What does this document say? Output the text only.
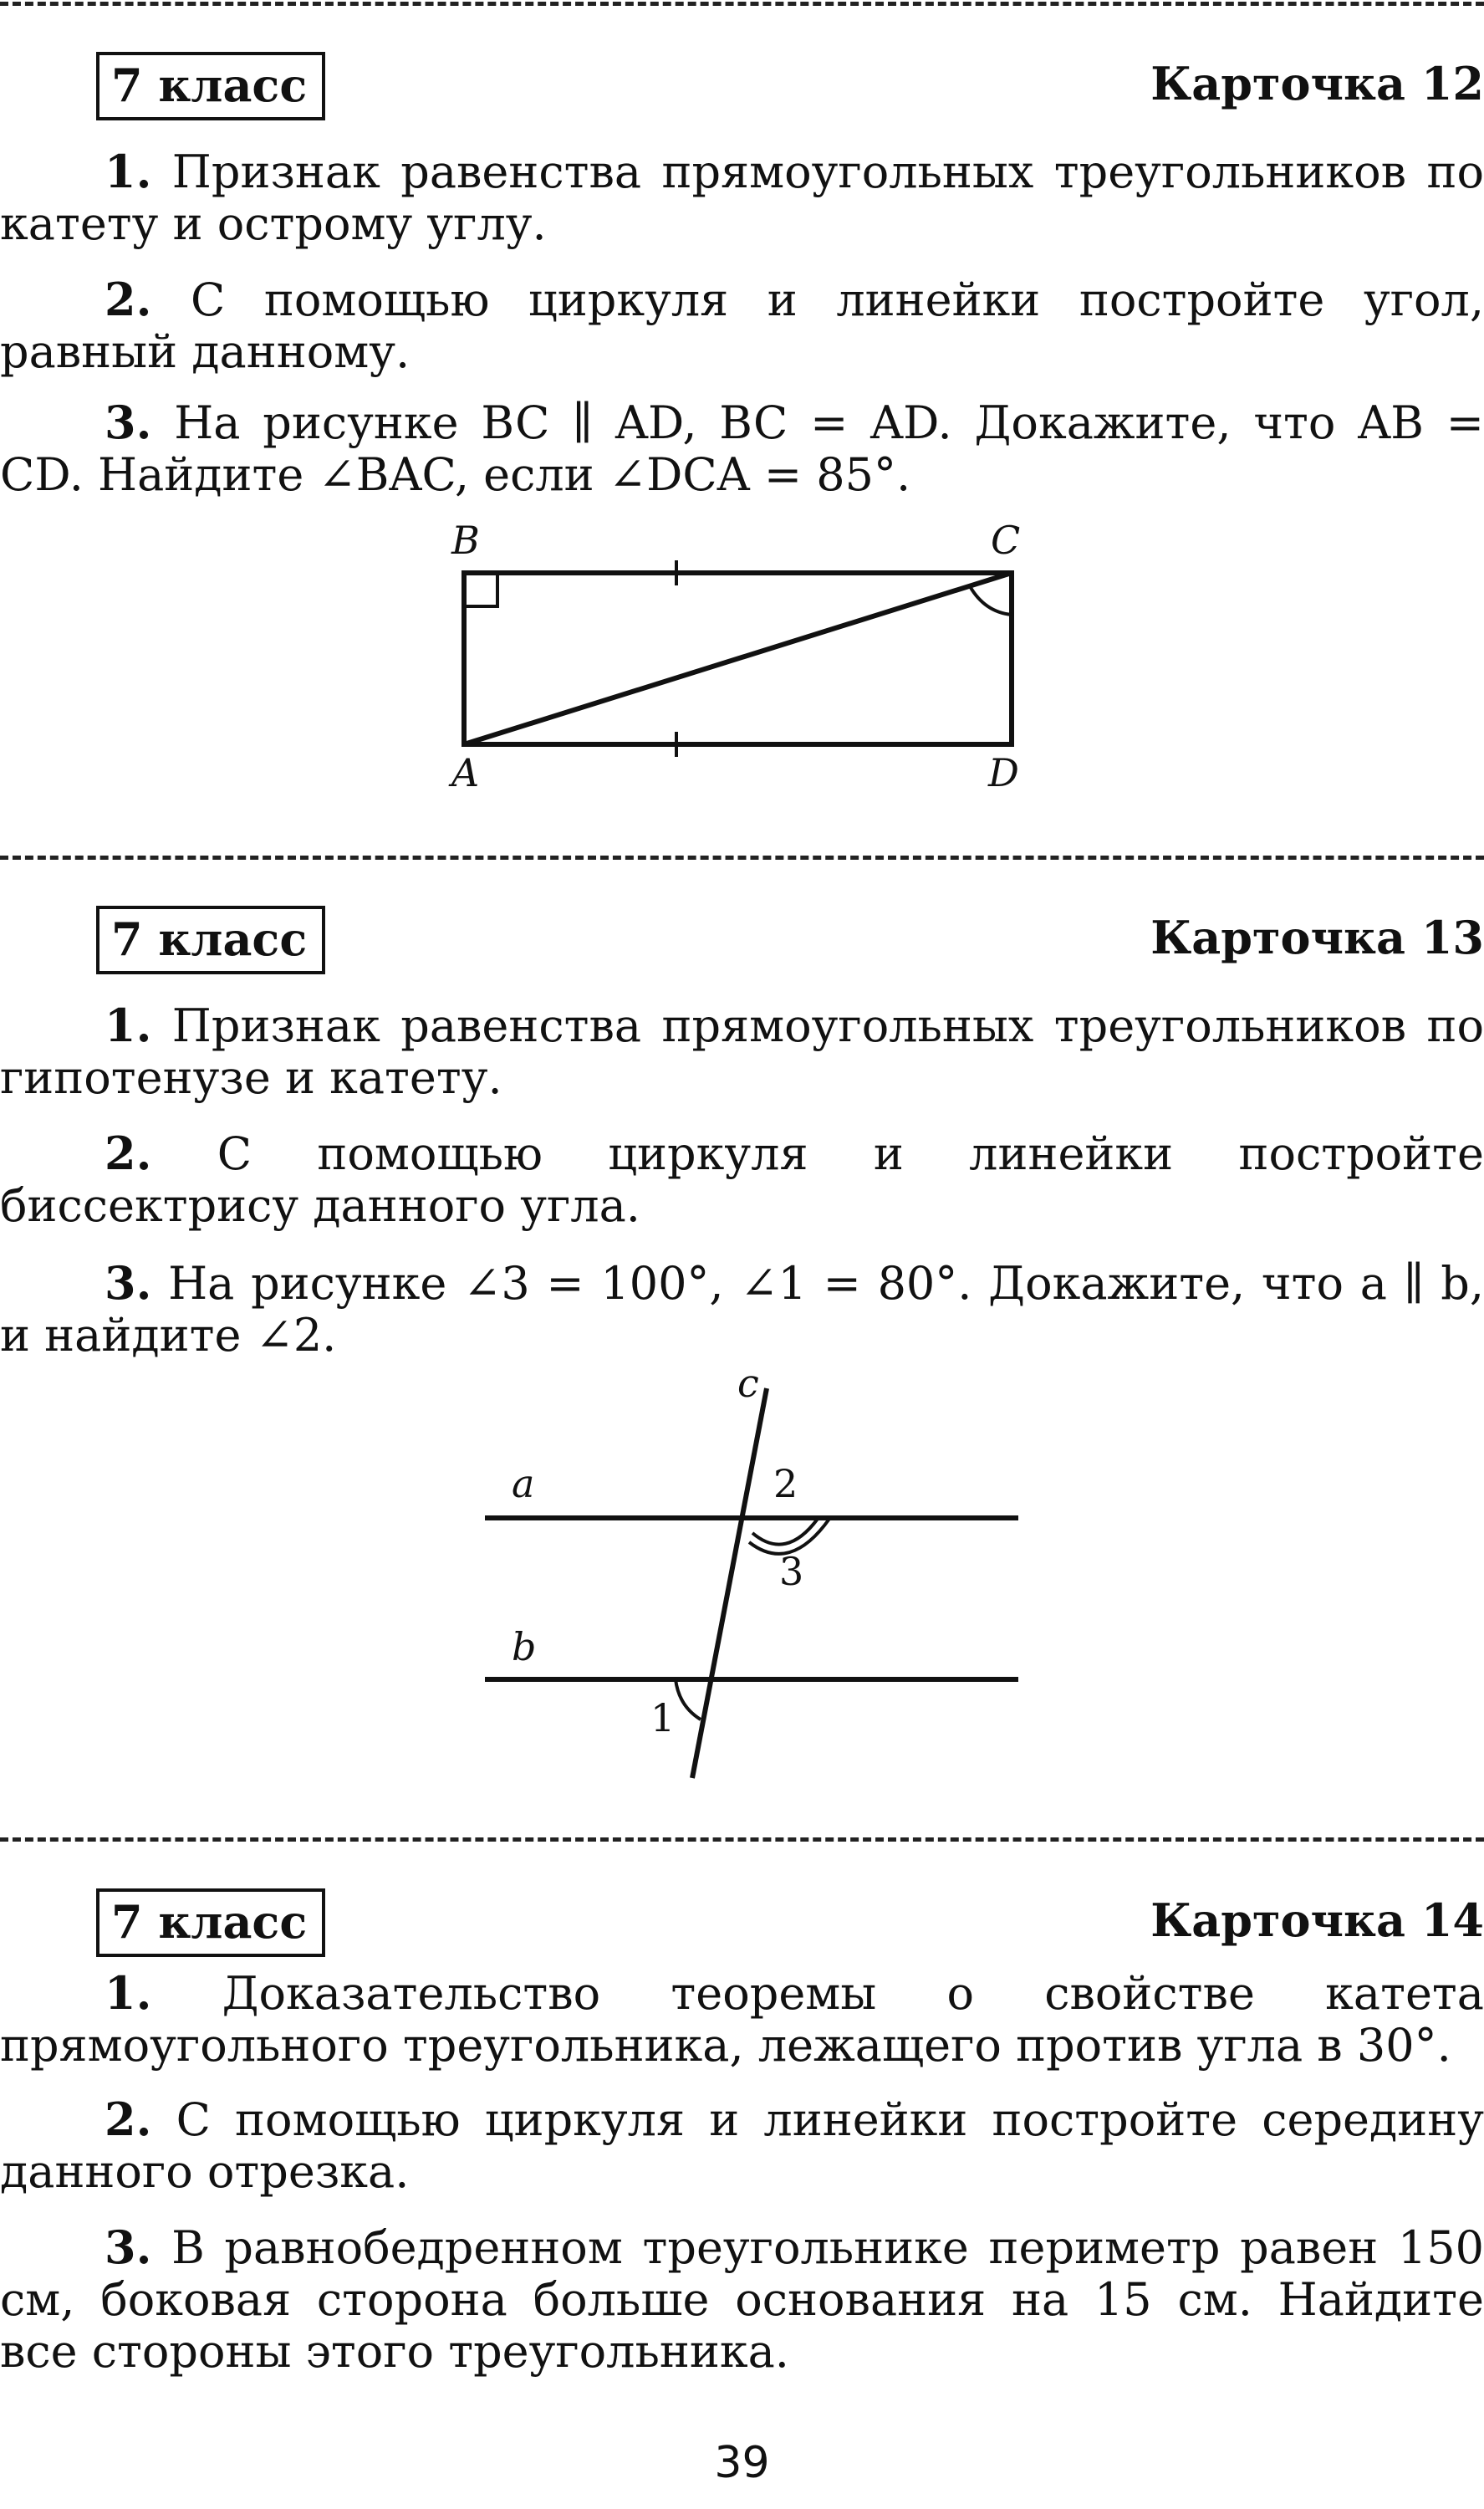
7 класс	Карточка 12
1. Признак равенства прямоугольных треугольников по катету и острому углу.
2. С помощью циркуля и линейки постройте угол, равный данному.
3. На рисунке BC ∥ AD, BC = AD. Докажите, что AB = CD. Найдите ∠BAC, если ∠DCA = 85°.
B	C
A	D
7 класс	Карточка 13
1. Признак равенства прямоугольных треугольников по гипотенузе и катету.
2. С помощью циркуля и линейки постройте биссектрису данного угла.
3. На рисунке ∠3 = 100°, ∠1 = 80°. Докажите, что a ∥ b, и найдите ∠2.
c
a
b
2
3
1
7 класс	Карточка 14
1. Доказательство теоремы о свойстве катета прямоугольного треугольника, лежащего против угла в 30°.
2. С помощью циркуля и линейки постройте середину данного отрезка.
3. В равнобедренном треугольнике периметр равен 150 см, боковая сторона больше основания на 15 см. Найдите все стороны этого треугольника.
39
